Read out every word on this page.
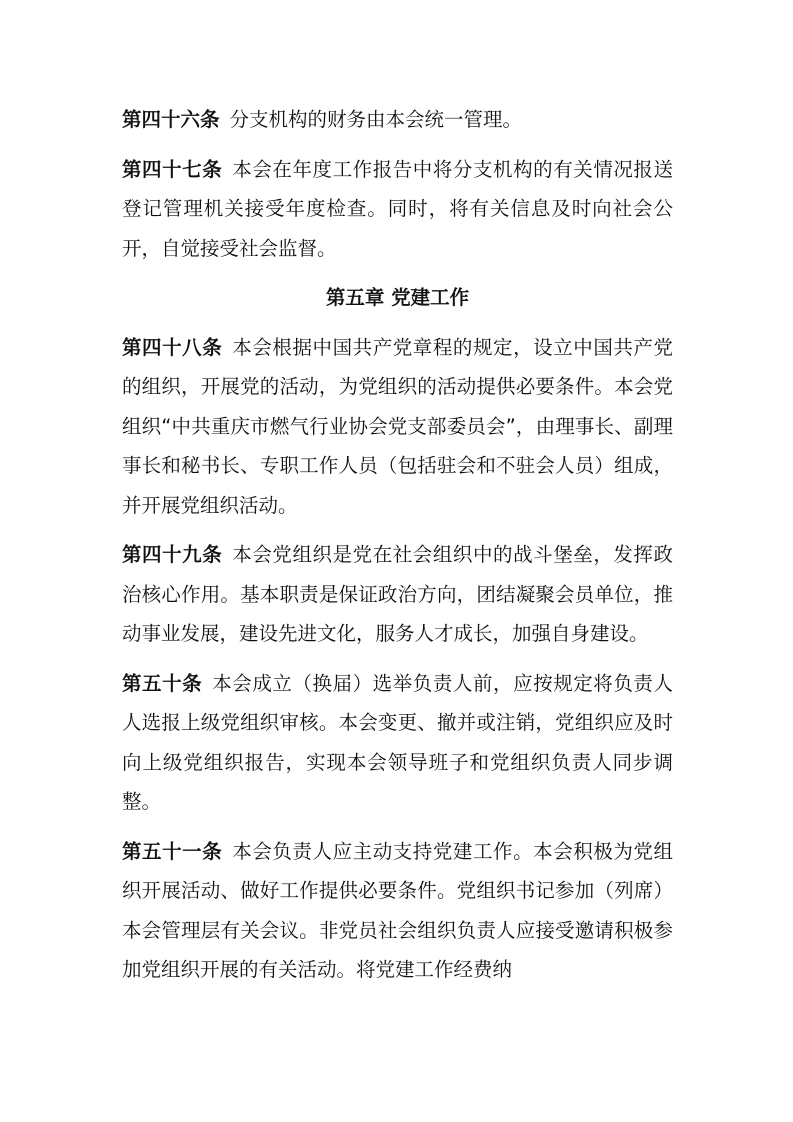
第四十六条 分支机构的财务由本会统一管理。

第四十七条 本会在年度工作报告中将分支机构的有关情况报送登记管理机关接受年度检查。同时，将有关信息及时向社会公开，自觉接受社会监督。

第五章 党建工作

第四十八条 本会根据中国共产党章程的规定，设立中国共产党的组织，开展党的活动，为党组织的活动提供必要条件。本会党组织“中共重庆市燃气行业协会党支部委员会”，由理事长、副理事长和秘书长、专职工作人员（包括驻会和不驻会人员）组成，并开展党组织活动。

第四十九条 本会党组织是党在社会组织中的战斗堡垒，发挥政治核心作用。基本职责是保证政治方向，团结凝聚会员单位，推动事业发展，建设先进文化，服务人才成长，加强自身建设。

第五十条 本会成立（换届）选举负责人前，应按规定将负责人人选报上级党组织审核。本会变更、撤并或注销，党组织应及时向上级党组织报告，实现本会领导班子和党组织负责人同步调整。

第五十一条 本会负责人应主动支持党建工作。本会积极为党组织开展活动、做好工作提供必要条件。党组织书记参加（列席）本会管理层有关会议。非党员社会组织负责人应接受邀请积极参加党组织开展的有关活动。将党建工作经费纳
